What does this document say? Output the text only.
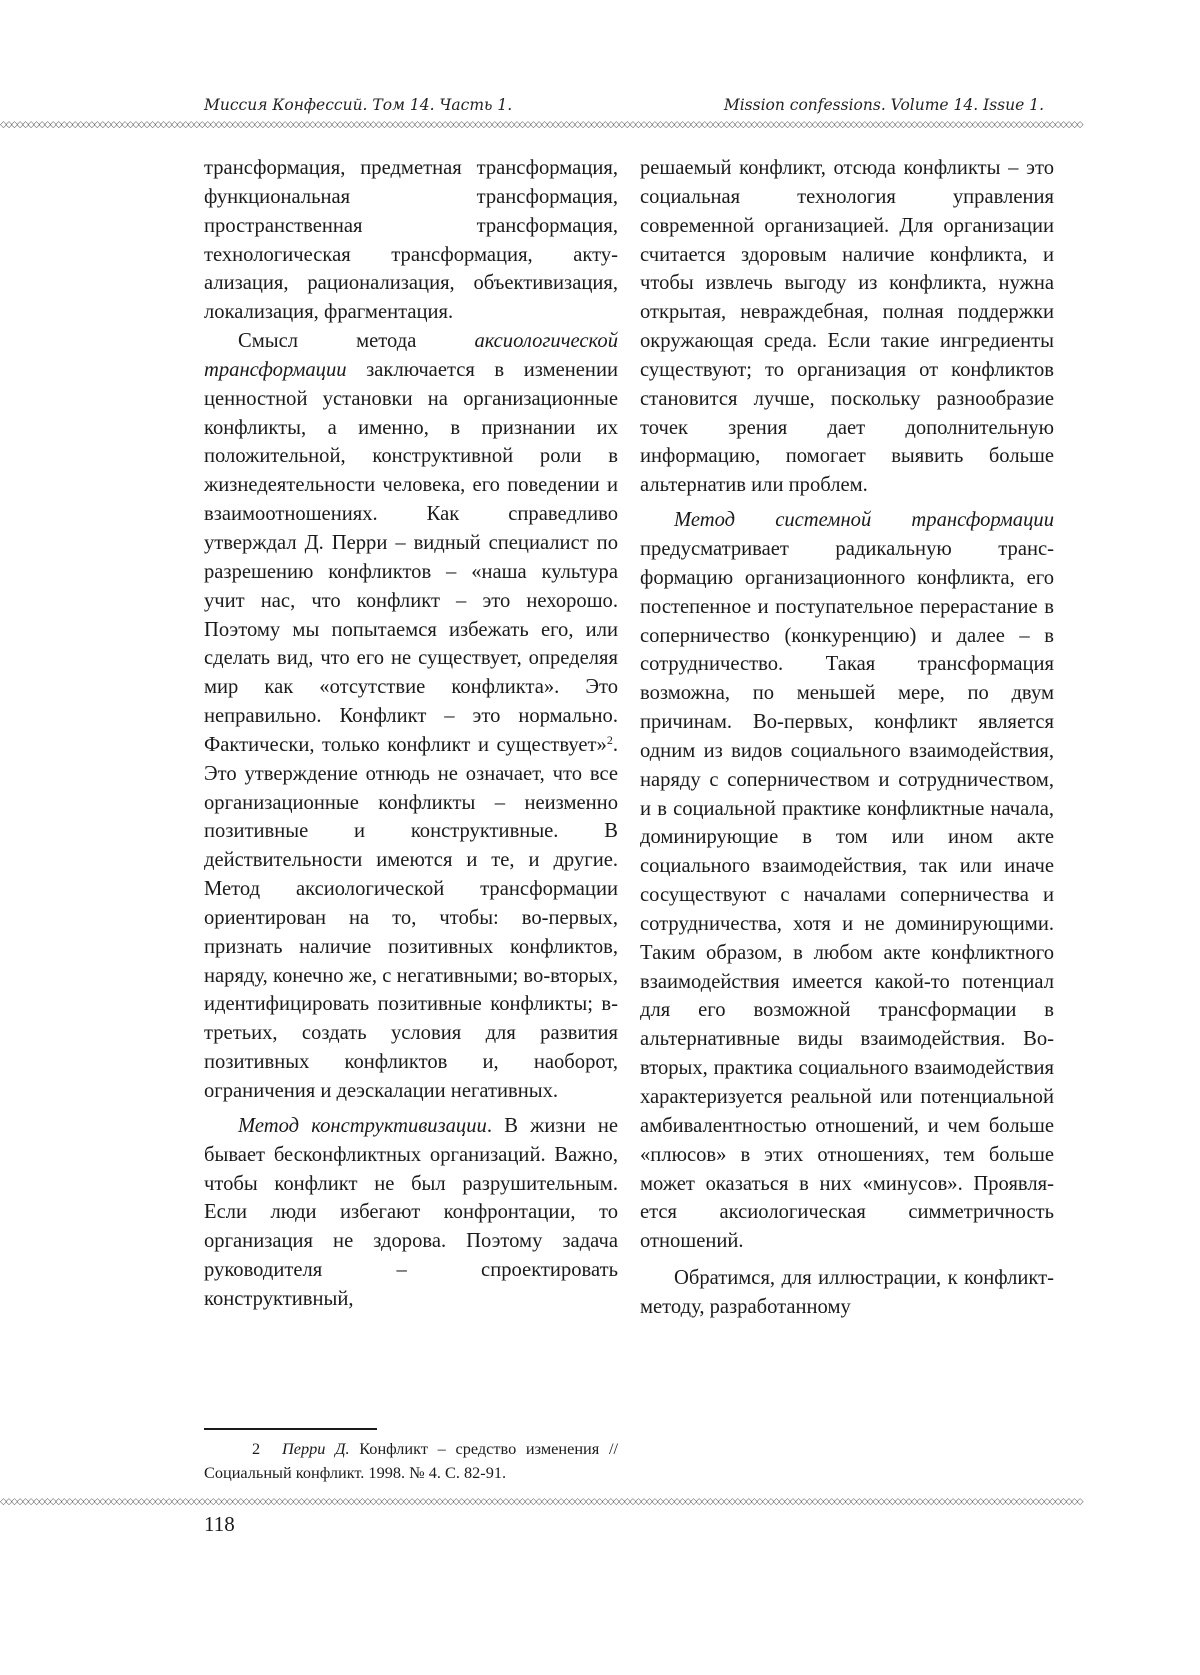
Миссия Конфессий. Том 14. Часть 1.	Mission confessions. Volume 14. Issue 1.
◇◇◇◇◇◇◇◇◇◇◇◇◇◇◇◇◇◇◇◇◇◇◇◇◇◇◇◇◇◇◇◇◇◇◇◇◇◇◇◇◇◇◇◇◇◇◇◇◇◇◇◇◇◇◇◇◇◇◇◇◇◇◇◇◇◇◇◇◇◇◇◇◇◇◇◇◇◇◇◇◇◇◇◇◇◇◇◇◇◇◇◇◇◇◇◇◇◇◇◇◇◇◇◇◇◇◇◇◇◇◇◇◇◇◇◇◇◇◇◇◇◇◇◇◇◇◇◇◇◇◇◇◇◇◇◇◇◇◇◇◇◇◇◇◇◇◇◇◇◇◇◇◇◇◇◇◇◇◇◇◇◇◇◇◇◇◇◇◇◇◇◇◇◇◇◇◇◇◇◇◇◇◇◇◇◇◇◇◇◇◇◇◇◇◇◇

трансформация, предметная трансформация, функциональная трансформация, пространственная трансформация, технологическая трансформация, актуализация, рационализация, объективизация, локализация, фрагментация.

Смысл метода аксиологической трансформации заключается в изменении ценностной установки на организационные конфликты, а именно, в признании их положительной, конструктивной роли в жизнедеятельности человека, его поведении и взаимоотношениях. Как справедливо утверждал Д. Перри – видный специалист по разрешению конфликтов – «наша культура учит нас, что конфликт – это нехорошо. Поэтому мы попытаемся избежать его, или сделать вид, что его не существует, определяя мир как «отсутствие конфликта». Это неправильно. Конфликт – это нормально. Фактически, только конфликт и существует»$^2$. Это утверждение отнюдь не означает, что все организационные конфликты – неизменно позитивные и конструктивные. В действительности имеются и те, и другие. Метод аксиологической трансформации ориентирован на то, чтобы: во-первых, признать наличие позитивных конфликтов, наряду, конечно же, с негативными; во-вторых, идентифицировать позитивные конфликты; в-третьих, создать условия для развития позитивных конфликтов и, наоборот, ограничения и деэскалации негативных.

Метод конструктивизации. В жизни не бывает бесконфликтных организаций. Важно, чтобы конфликт не был разрушительным. Если люди избегают конфронтации, то организация не здорова. Поэтому задача руководителя – спроектировать конструктивный,

решаемый конфликт, отсюда конфликты – это социальная технология управления современной организацией. Для организации считается здоровым наличие конфликта, и чтобы извлечь выгоду из конфликта, нужна открытая, невраждебная, полная поддержки окружающая среда. Если такие ингредиенты существуют; то организация от конфликтов становится лучше, поскольку разнообразие точек зрения дает дополнительную информацию, помогает выявить больше альтернатив или проблем.

Метод системной трансформации предусматривает радикальную трансформацию организационного конфликта, его постепенное и поступательное перерастание в соперничество (конкуренцию) и далее – в сотрудничество. Такая трансформация возможна, по меньшей мере, по двум причинам. Во-первых, конфликт является одним из видов социального взаимодействия, наряду с соперничеством и сотрудничеством, и в социальной практике конфликтные начала, доминирующие в том или ином акте социального взаимодействия, так или иначе сосуществуют с началами соперничества и сотрудничества, хотя и не доминирующими. Таким образом, в любом акте конфликтного взаимодействия имеется какой-то потенциал для его возможной трансформации в альтернативные виды взаимодействия. Во-вторых, практика социального взаимодействия характеризуется реальной или потенциальной амбивалентностью отношений, и чем больше «плюсов» в этих отношениях, тем больше может оказаться в них «минусов». Проявляется аксиологическая симметричность отношений.

Обратимся, для иллюстрации, к конфликт-методу, разработанному

2 Перри Д. Конфликт – средство изменения // Социальный конфликт. 1998. № 4. С. 82-91.
◇◇◇◇◇◇◇◇◇◇◇◇◇◇◇◇◇◇◇◇◇◇◇◇◇◇◇◇◇◇◇◇◇◇◇◇◇◇◇◇◇◇◇◇◇◇◇◇◇◇◇◇◇◇◇◇◇◇◇◇◇◇◇◇◇◇◇◇◇◇◇◇◇◇◇◇◇◇◇◇◇◇◇◇◇◇◇◇◇◇◇◇◇◇◇◇◇◇◇◇◇◇◇◇◇◇◇◇◇◇◇◇◇◇◇◇◇◇◇◇◇◇◇◇◇◇◇◇◇◇◇◇◇◇◇◇◇◇◇◇◇◇◇◇◇◇◇◇◇◇◇◇◇◇◇◇◇◇◇◇◇◇◇◇◇◇◇◇◇◇◇◇◇◇◇◇◇◇◇◇◇◇◇◇◇◇◇◇◇◇◇◇◇◇◇◇
118
